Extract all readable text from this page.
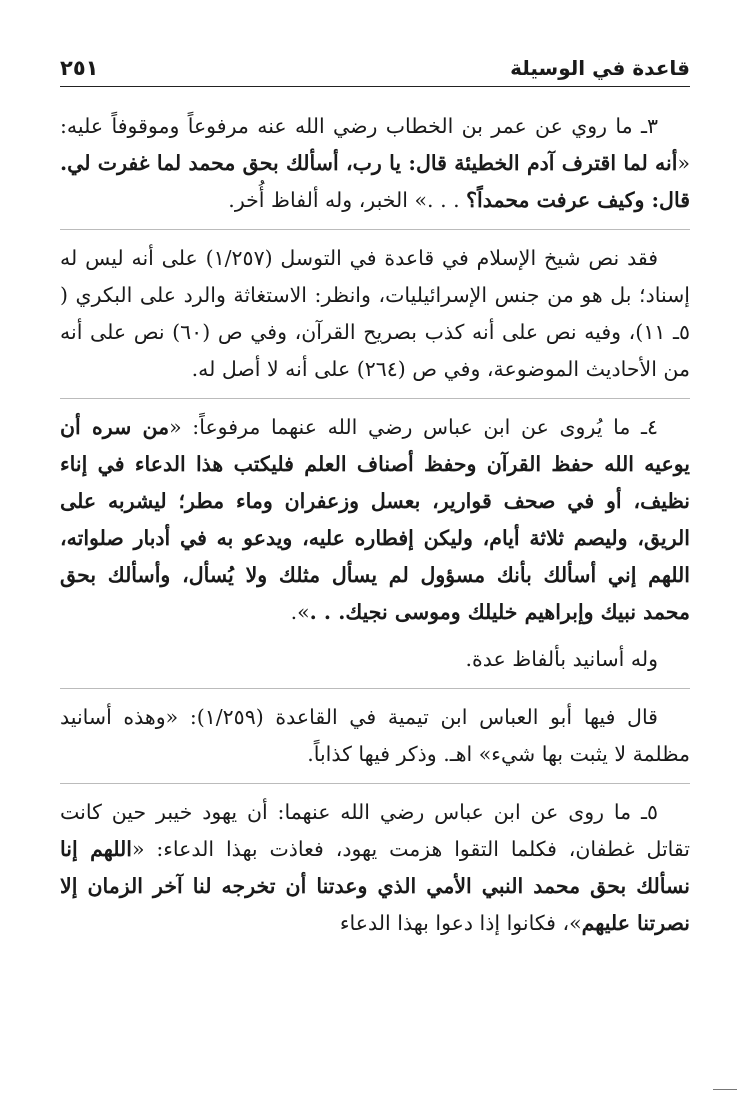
قاعدة في الوسيلة
٢٥١

٣ـ ما روي عن عمر بن الخطاب رضي الله عنه مرفوعاً وموقوفاً عليه: «أنه لما اقترف آدم الخطيئة قال: يا رب، أسألك بحق محمد لما غفرت لي. قال: وكيف عرفت محمداً؟ . . .» الخبر، وله ألفاظ أُخر.

فقد نص شيخ الإسلام في قاعدة في التوسل (١/٢٥٧) على أنه ليس له إسناد؛ بل هو من جنس الإسرائيليات، وانظر: الاستغاثة والرد على البكري ( ٥ـ ١١)، وفيه نص على أنه كذب بصريح القرآن، وفي ص (٦٠) نص على أنه من الأحاديث الموضوعة، وفي ص (٢٦٤) على أنه لا أصل له.

٤ـ ما يُروى عن ابن عباس رضي الله عنهما مرفوعاً: «من سره أن يوعيه الله حفظ القرآن وحفظ أصناف العلم فليكتب هذا الدعاء في إناء نظيف، أو في صحف قوارير، بعسل وزعفران وماء مطر؛ ليشربه على الريق، وليصم ثلاثة أيام، وليكن إفطاره عليه، ويدعو به في أدبار صلواته، اللهم إني أسألك بأنك مسؤول لم يسأل مثلك ولا يُسأل، وأسألك بحق محمد نبيك وإبراهيم خليلك وموسى نجيك. . .».

وله أسانيد بألفاظ عدة.

قال فيها أبو العباس ابن تيمية في القاعدة (١/٢٥٩): «وهذه أسانيد مظلمة لا يثبت بها شيء» اهـ. وذكر فيها كذاباً.

٥ـ ما روى عن ابن عباس رضي الله عنهما: أن يهود خيبر حين كانت تقاتل غطفان، فكلما التقوا هزمت يهود، فعاذت بهذا الدعاء: «اللهم إنا نسألك بحق محمد النبي الأمي الذي وعدتنا أن تخرجه لنا آخر الزمان إلا نصرتنا عليهم»، فكانوا إذا دعوا بهذا الدعاء
